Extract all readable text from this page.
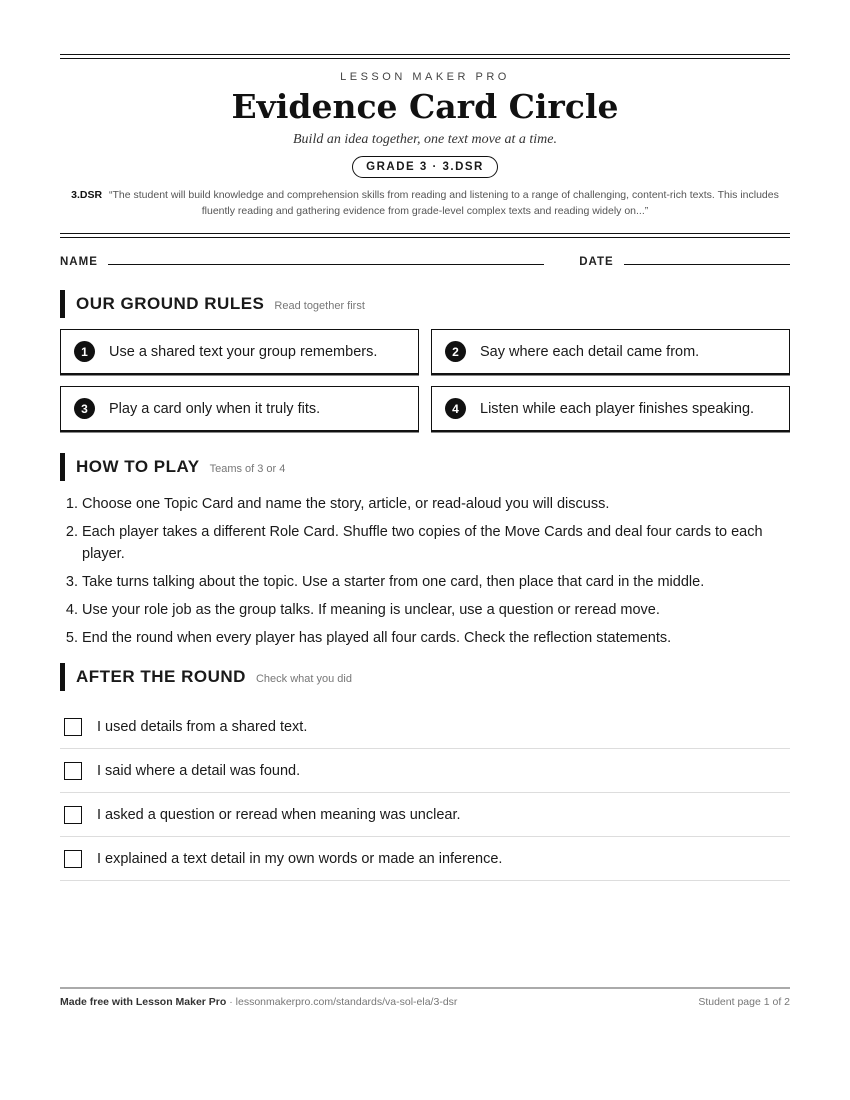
LESSON MAKER PRO
Evidence Card Circle
Build an idea together, one text move at a time.
GRADE 3 · 3.DSR
3.DSR “The student will build knowledge and comprehension skills from reading and listening to a range of challenging, content-rich texts. This includes fluently reading and gathering evidence from grade-level complex texts and reading widely on...”
NAME	DATE
OUR GROUND RULES Read together first
1	Use a shared text your group remembers.	2	Say where each detail came from.
3	Play a card only when it truly fits.	4	Listen while each player finishes speaking.
HOW TO PLAY Teams of 3 or 4
1. Choose one Topic Card and name the story, article, or read-aloud you will discuss.
2. Each player takes a different Role Card. Shuffle two copies of the Move Cards and deal four cards to each player.
3. Take turns talking about the topic. Use a starter from one card, then place that card in the middle.
4. Use your role job as the group talks. If meaning is unclear, use a question or reread move.
5. End the round when every player has played all four cards. Check the reflection statements.
AFTER THE ROUND Check what you did
I used details from a shared text.
I said where a detail was found.
I asked a question or reread when meaning was unclear.
I explained a text detail in my own words or made an inference.
Made free with Lesson Maker Pro · lessonmakerpro.com/standards/va-sol-ela/3-dsr	Student page 1 of 2
